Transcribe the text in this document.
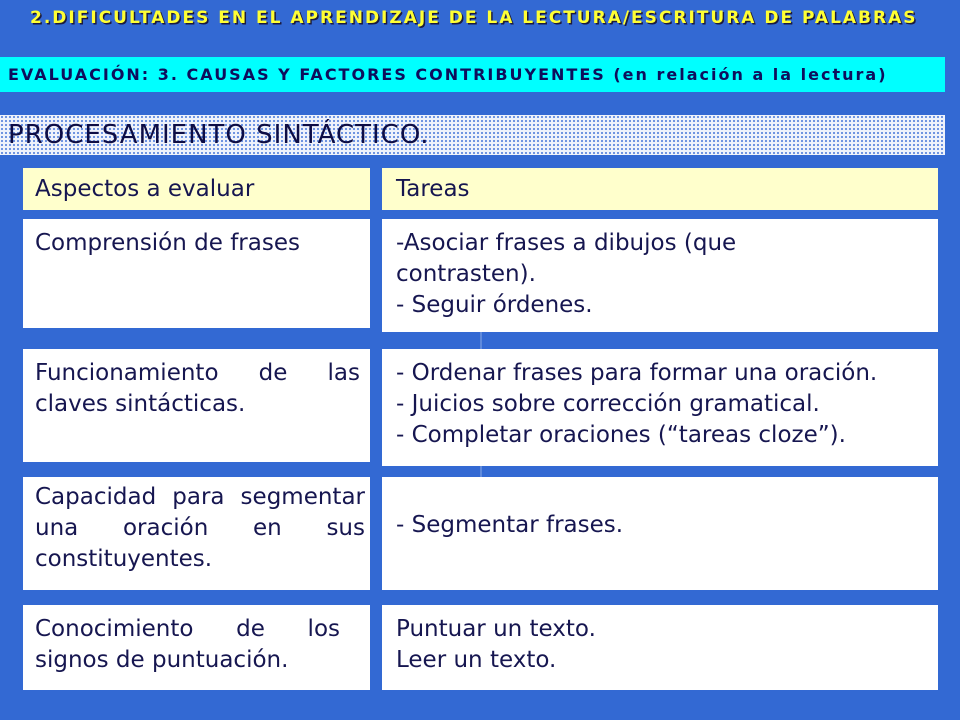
2.DIFICULTADES EN EL APRENDIZAJE DE LA LECTURA/ESCRITURA DE PALABRAS
EVALUACIÓN: 3. CAUSAS Y FACTORES CONTRIBUYENTES (en relación a la lectura)
PROCESAMIENTO SINTÁCTICO.
Aspectos a evaluar	Tareas
Comprensión de frases	-Asociar frases a dibujos (que contrasten).
- Seguir órdenes.
Funcionamiento de las claves sintácticas.
- Ordenar frases para formar una oración.
- Juicios sobre corrección gramatical.
- Completar oraciones (“tareas cloze”).
Capacidad para segmentar una oración en sus constituyentes.
- Segmentar frases.
Conocimiento de los signos de puntuación.
Puntuar un texto.
Leer un texto.
